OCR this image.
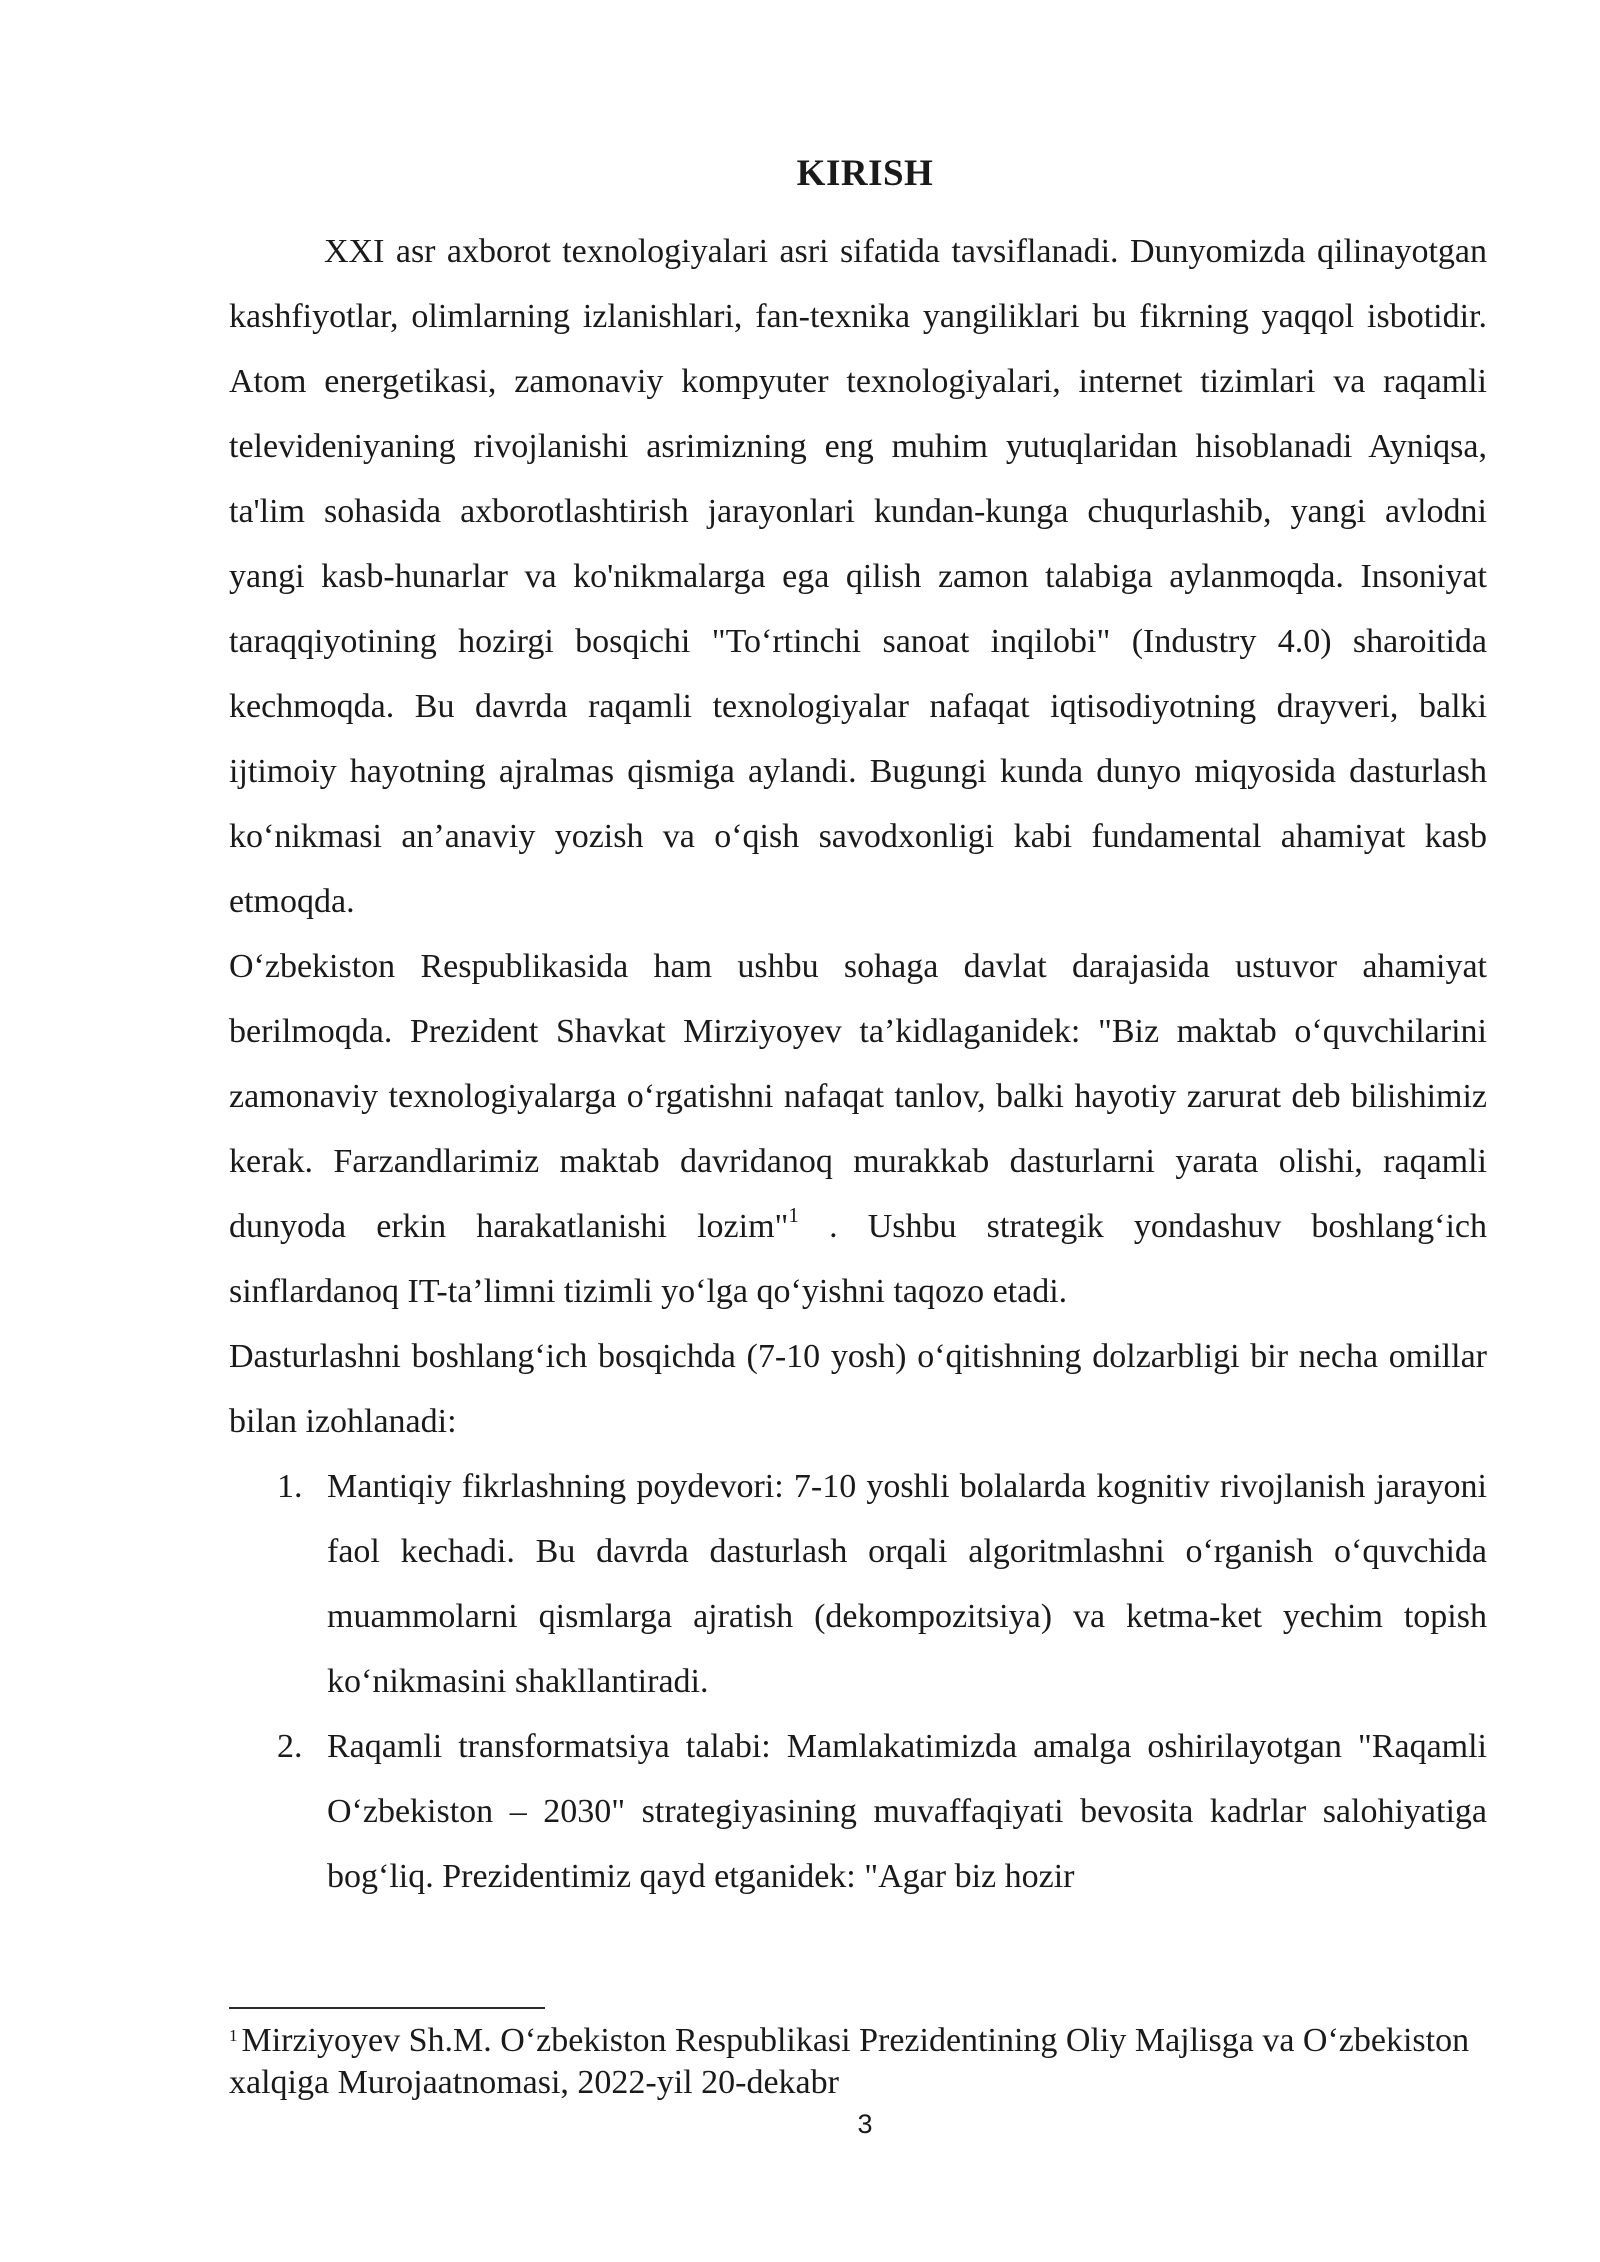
KIRISH

XXI asr axborot texnologiyalari asri sifatida tavsiflanadi. Dunyomizda qilinayotgan kashfiyotlar, olimlarning izlanishlari, fan-texnika yangiliklari bu fikrning yaqqol isbotidir. Atom energetikasi, zamonaviy kompyuter texnologiyalari, internet tizimlari va raqamli televideniyaning rivojlanishi asrimizning eng muhim yutuqlaridan hisoblanadi Ayniqsa, ta'lim sohasida axborotlashtirish jarayonlari kundan-kunga chuqurlashib, yangi avlodni yangi kasb-hunarlar va ko'nikmalarga ega qilish zamon talabiga aylanmoqda. Insoniyat taraqqiyotining hozirgi bosqichi "To‘rtinchi sanoat inqilobi" (Industry 4.0) sharoitida kechmoqda. Bu davrda raqamli texnologiyalar nafaqat iqtisodiyotning drayveri, balki ijtimoiy hayotning ajralmas qismiga aylandi. Bugungi kunda dunyo miqyosida dasturlash ko‘nikmasi an’anaviy yozish va o‘qish savodxonligi kabi fundamental ahamiyat kasb etmoqda.

O‘zbekiston Respublikasida ham ushbu sohaga davlat darajasida ustuvor ahamiyat berilmoqda. Prezident Shavkat Mirziyoyev ta’kidlaganidek: "Biz maktab o‘quvchilarini zamonaviy texnologiyalarga o‘rgatishni nafaqat tanlov, balki hayotiy zarurat deb bilishimiz kerak. Farzandlarimiz maktab davridanoq murakkab dasturlarni yarata olishi, raqamli dunyoda erkin harakatlanishi lozim"$^1$ . Ushbu strategik yondashuv boshlang‘ich sinflardanoq IT-ta’limni tizimli yo‘lga qo‘yishni taqozo etadi.

Dasturlashni boshlang‘ich bosqichda (7-10 yosh) o‘qitishning dolzarbligi bir necha omillar bilan izohlanadi:

1. Mantiqiy fikrlashning poydevori: 7-10 yoshli bolalarda kognitiv rivojlanish jarayoni faol kechadi. Bu davrda dasturlash orqali algoritmlashni o‘rganish o‘quvchida muammolarni qismlarga ajratish (dekompozitsiya) va ketma-ket yechim topish ko‘nikmasini shakllantiradi.
2. Raqamli transformatsiya talabi: Mamlakatimizda amalga oshirilayotgan "Raqamli O‘zbekiston – 2030" strategiyasining muvaffaqiyati bevosita kadrlar salohiyatiga bog‘liq. Prezidentimiz qayd etganidek: "Agar biz hozir
$^1$ Mirziyoyev Sh.M. O‘zbekiston Respublikasi Prezidentining Oliy Majlisga va O‘zbekiston xalqiga Murojaatnomasi, 2022-yil 20-dekabr
3
